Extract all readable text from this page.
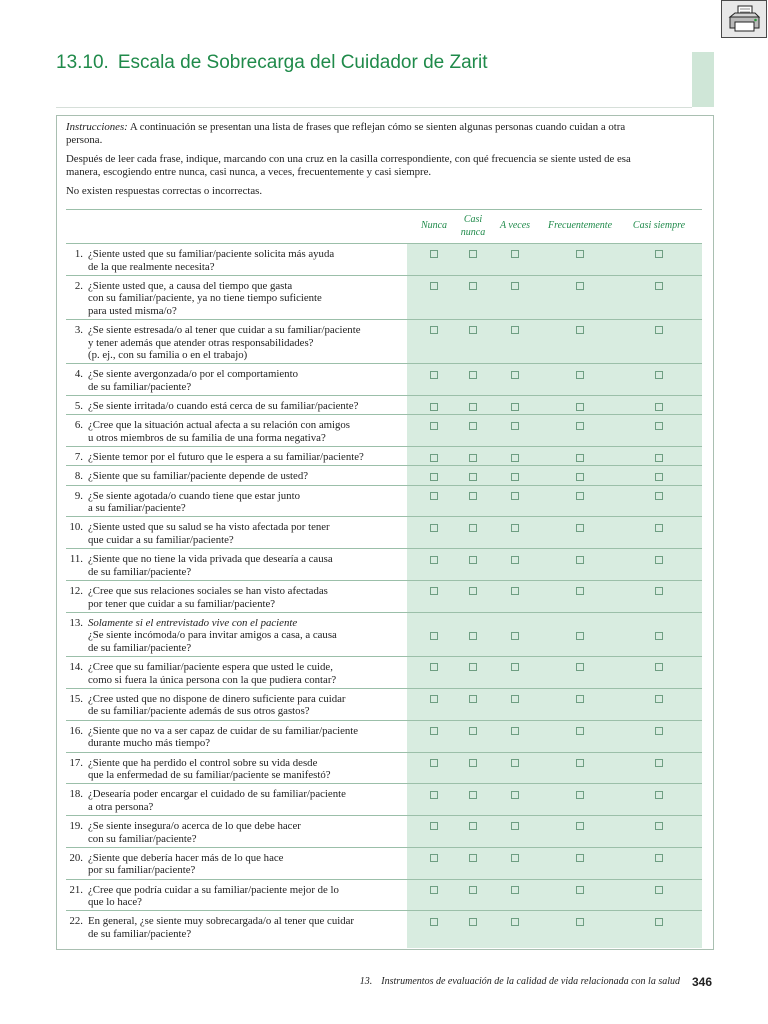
13.10. Escala de Sobrecarga del Cuidador de Zarit

Instrucciones: A continuación se presentan una lista de frases que reflejan cómo se sienten algunas personas cuando cuidan a otra
persona.

Después de leer cada frase, indique, marcando con una cruz en la casilla correspondiente, con qué frecuencia se siente usted de esa
manera, escogiendo entre nunca, casi nunca, a veces, frecuentemente y casi siempre.

No existen respuestas correctas o incorrectas.

Nunca
Casi nunca
A veces Frecuentemente Casi siempre
1. ¿Siente usted que su familiar/paciente solicita más ayuda
de la que realmente necesita?
2. ¿Siente usted que, a causa del tiempo que gasta
con su familiar/paciente, ya no tiene tiempo suficiente
para usted misma/o?
3. ¿Se siente estresada/o al tener que cuidar a su familiar/paciente
y tener además que atender otras responsabilidades?
(p. ej., con su familia o en el trabajo)
4. ¿Se siente avergonzada/o por el comportamiento
de su familiar/paciente?
5. ¿Se siente irritada/o cuando está cerca de su familiar/paciente?
6. ¿Cree que la situación actual afecta a su relación con amigos
u otros miembros de su familia de una forma negativa?
7. ¿Siente temor por el futuro que le espera a su familiar/paciente?
8. ¿Siente que su familiar/paciente depende de usted?
9. ¿Se siente agotada/o cuando tiene que estar junto
a su familiar/paciente?
10. ¿Siente usted que su salud se ha visto afectada por tener
que cuidar a su familiar/paciente?
11. ¿Siente que no tiene la vida privada que desearía a causa
de su familiar/paciente?
12. ¿Cree que sus relaciones sociales se han visto afectadas
por tener que cuidar a su familiar/paciente?
13. Solamente si el entrevistado vive con el paciente
¿Se siente incómoda/o para invitar amigos a casa, a causa
de su familiar/paciente?
14. ¿Cree que su familiar/paciente espera que usted le cuide,
como si fuera la única persona con la que pudiera contar?
15. ¿Cree usted que no dispone de dinero suficiente para cuidar
de su familiar/paciente además de sus otros gastos?
16. ¿Siente que no va a ser capaz de cuidar de su familiar/paciente
durante mucho más tiempo?
17. ¿Siente que ha perdido el control sobre su vida desde
que la enfermedad de su familiar/paciente se manifestó?
18. ¿Desearía poder encargar el cuidado de su familiar/paciente
a otra persona?
19. ¿Se siente insegura/o acerca de lo que debe hacer
con su familiar/paciente?
20. ¿Siente que debería hacer más de lo que hace
por su familiar/paciente?
21. ¿Cree que podría cuidar a su familiar/paciente mejor de lo
que lo hace?
22. En general, ¿se siente muy sobrecargada/o al tener que cuidar
de su familiar/paciente?
13. Instrumentos de evaluación de la calidad de vida relacionada con la salud 346
